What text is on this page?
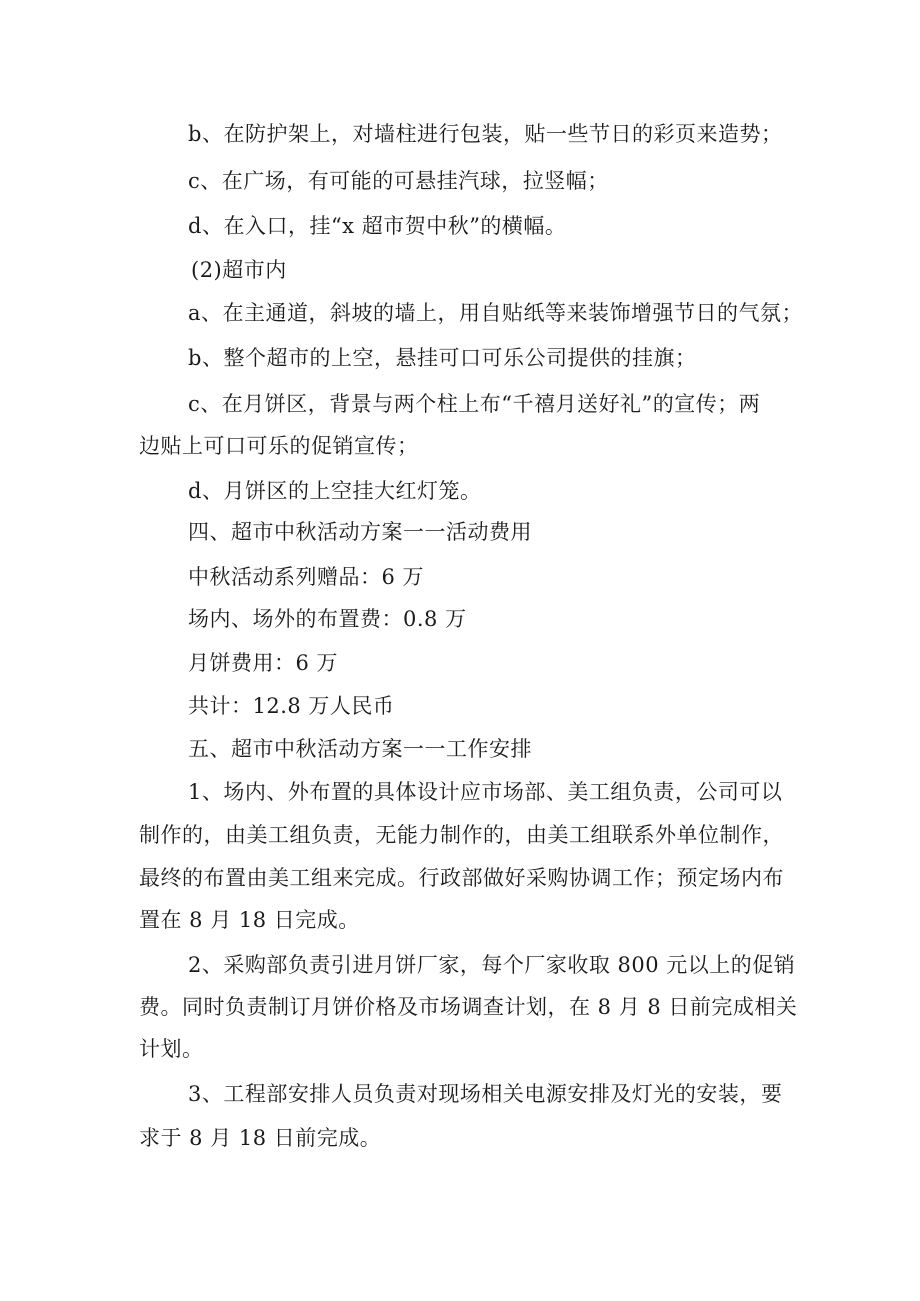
b、在防护架上，对墙柱进行包装，贴一些节日的彩页来造势；
c、在广场，有可能的可悬挂汽球，拉竖幅；
d、在入口，挂“x 超市贺中秋”的横幅。
(2)超市内
a、在主通道，斜坡的墙上，用自贴纸等来装饰增强节日的气氛；
b、整个超市的上空，悬挂可口可乐公司提供的挂旗；
c、在月饼区，背景与两个柱上布“千禧月送好礼”的宣传；两
边贴上可口可乐的促销宣传；
d、月饼区的上空挂大红灯笼。
四、超市中秋活动方案一一活动费用
中秋活动系列赠品：6 万
场内、场外的布置费：0.8 万
月饼费用：6 万
共计：12.8 万人民币
五、超市中秋活动方案一一工作安排
1、场内、外布置的具体设计应市场部、美工组负责，公司可以
制作的，由美工组负责，无能力制作的，由美工组联系外单位制作，
最终的布置由美工组来完成。行政部做好采购协调工作；预定场内布
置在 8 月 18 日完成。
2、采购部负责引进月饼厂家，每个厂家收取 800 元以上的促销
费。同时负责制订月饼价格及市场调查计划，在 8 月 8 日前完成相关
计划。
3、工程部安排人员负责对现场相关电源安排及灯光的安装，要
求于 8 月 18 日前完成。
